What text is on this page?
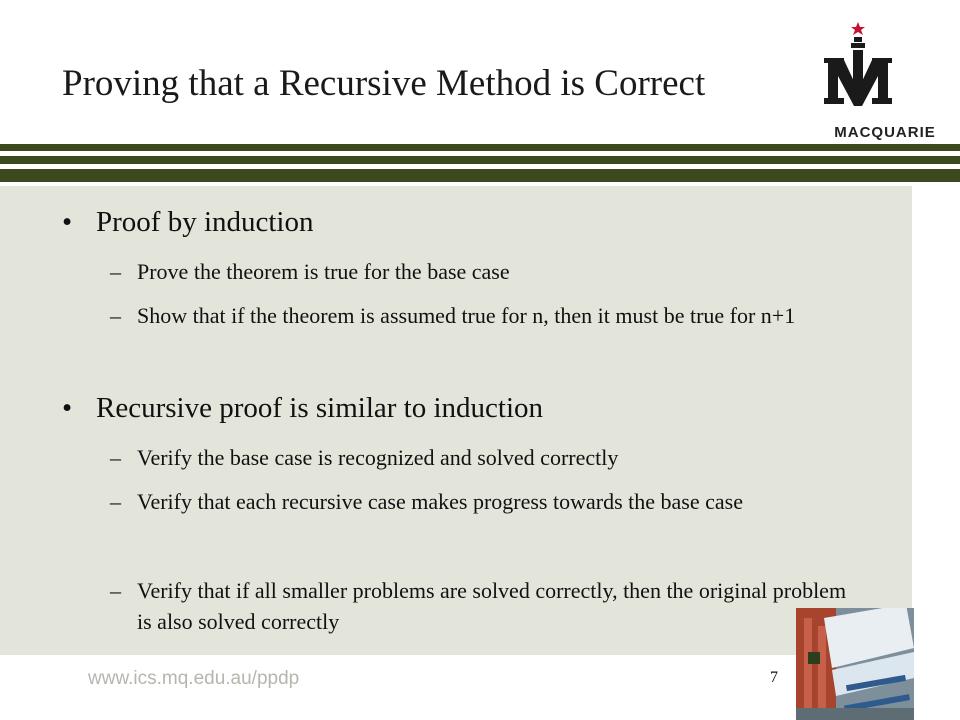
Proving that a Recursive Method is Correct
MACQUARIE
• Proof by induction
– Prove the theorem is true for the base case
– Show that if the theorem is assumed true for n, then it must be true for n+1
• Recursive proof is similar to induction
– Verify the base case is recognized and solved correctly
– Verify that each recursive case makes progress towards the base case
– Verify that if all smaller problems are solved correctly, then the original problem is also solved correctly
www.ics.mq.edu.au/ppdp	7
